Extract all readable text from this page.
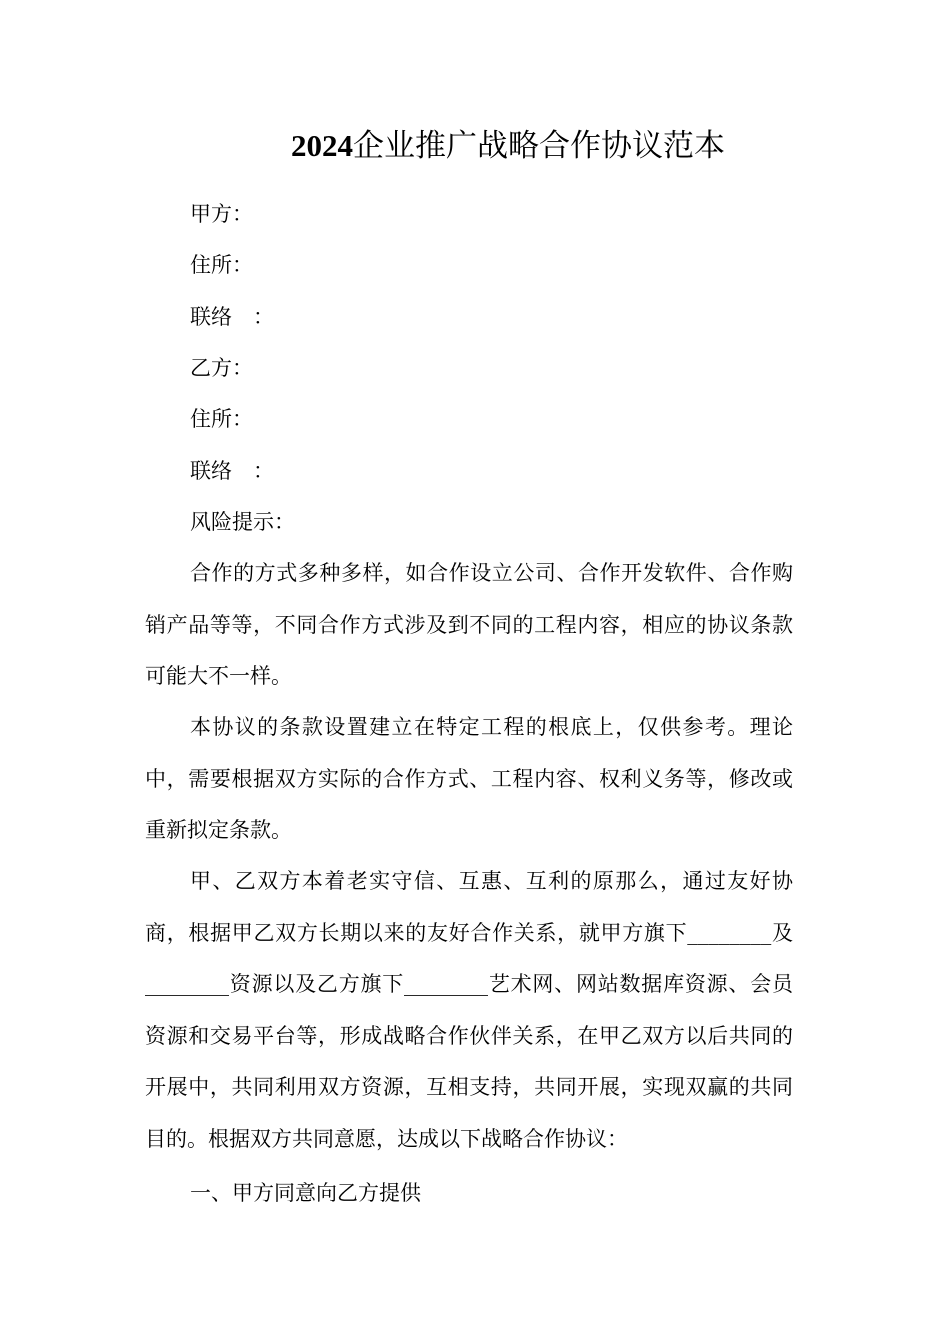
2024企业推广战略合作协议范本
甲方：
住所：
联络　：
乙方：
住所：
联络　：
风险提示：

合作的方式多种多样，如合作设立公司、合作开发软件、合作购销产品等等，不同合作方式涉及到不同的工程内容，相应的协议条款可能大不一样。

本协议的条款设置建立在特定工程的根底上，仅供参考。理论中，需要根据双方实际的合作方式、工程内容、权利义务等，修改或重新拟定条款。

甲、乙双方本着老实守信、互惠、互利的原那么，通过友好协商，根据甲乙双方长期以来的友好合作关系，就甲方旗下________及________资源以及乙方旗下________艺术网、网站数据库资源、会员资源和交易平台等，形成战略合作伙伴关系，在甲乙双方以后共同的开展中，共同利用双方资源，互相支持，共同开展，实现双赢的共同目的。根据双方共同意愿，达成以下战略合作协议：

一、甲方同意向乙方提供
